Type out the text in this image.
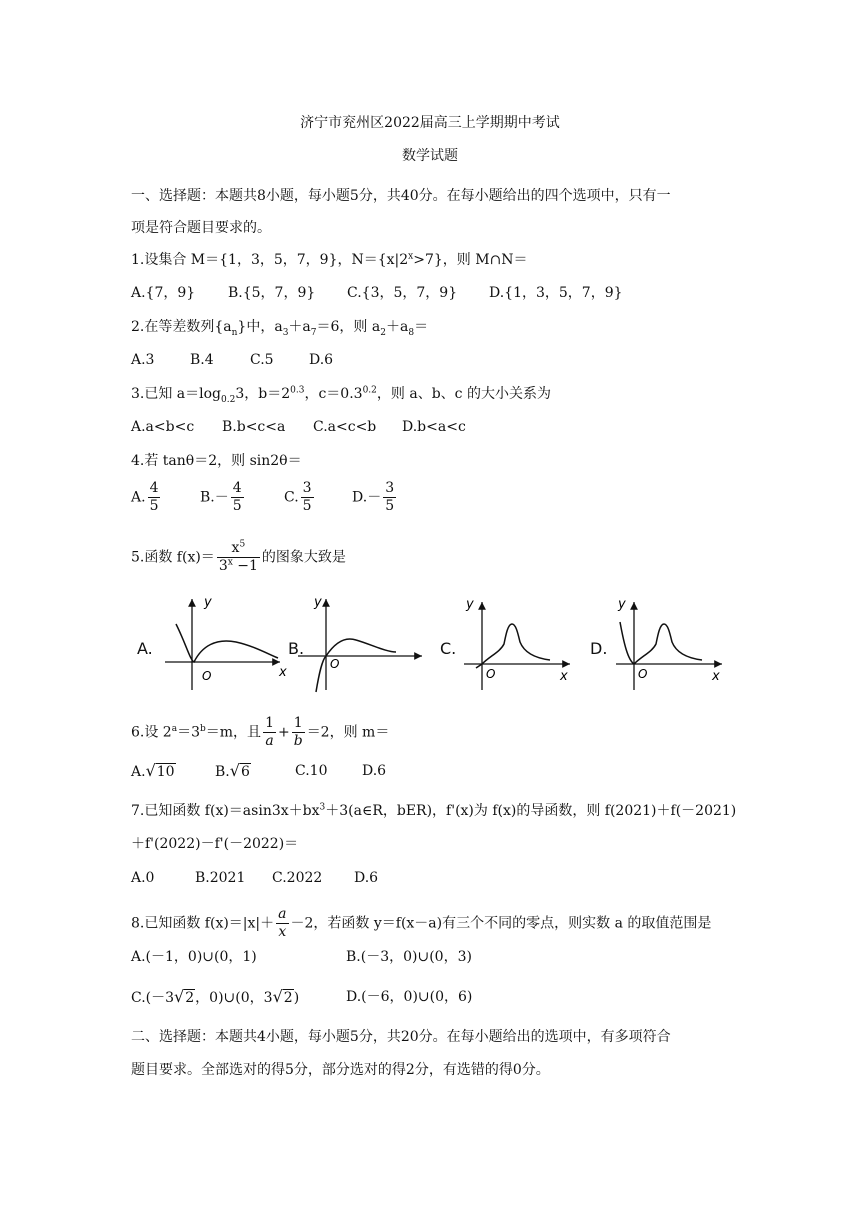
济宁市兖州区2022届高三上学期期中考试
数学试题
一、选择题：本题共8小题，每小题5分，共40分。在每小题给出的四个选项中，只有一
项是符合题目要求的。
1.设集合 M＝{1，3，5，7，9}，$N=\{x|2^x>7\}$，则 M∩N＝
A.{7，9} B.{5，7，9} C.{3，5，7，9} D.{1，3，5，7，9}
2.在等差数列$\{a_n\}$中，$a_3+a_7=6$，则 $a_2+a_8=$
A.3	B.4	C.5	D.6
3.已知 $a=\log_{0.2}3$，$b=2^{0.3}$，$c=0.3^{0.2}$，则 a、b、c 的大小关系为
A.a<b<c B.b<c<a C.a<c<b D.b<a<c
4.若 tanθ＝2，则 sin2θ＝
A. $\frac{4}{5}$	$B.- \frac{4}{5}$	C. $\frac{3}{5}$	$D.- \frac{3}{5}$
5.函数 $f(x)= \frac{x^5}{3^x -1}$ 的图象大致是
A.
y
x
O
B.
y
O
C.
y
x
O
D.
y
x
O
6.设 $2^a=3^b=m$，且 $\frac{1}{a} + \frac{1}{b} =2$，则 m＝
A.√10	B.√6	C.10 D.6
7.已知函数 $f(x)=asin3x+bx^3+3(a\in R$，bER)，f'(x)为 f(x)的导函数，则 f(2021)＋f(－2021)
＋f'(2022)－f'(－2022)＝
A.0	B.2021 C.2022 D.6
8.已知函数 $f(x)=|x|+ \frac{a}{x} -2$，若函数 y＝f(x－a)有三个不同的零点，则实数 a 的取值范围是
A.(－1，0)∪(0，1)	B.(－3，0)∪(0，3)
C.(－3√2，0)∪(0，3√2)	D.(－6，0)∪(0，6)
二、选择题：本题共4小题，每小题5分，共20分。在每小题给出的选项中，有多项符合
题目要求。全部选对的得5分，部分选对的得2分，有选错的得0分。
